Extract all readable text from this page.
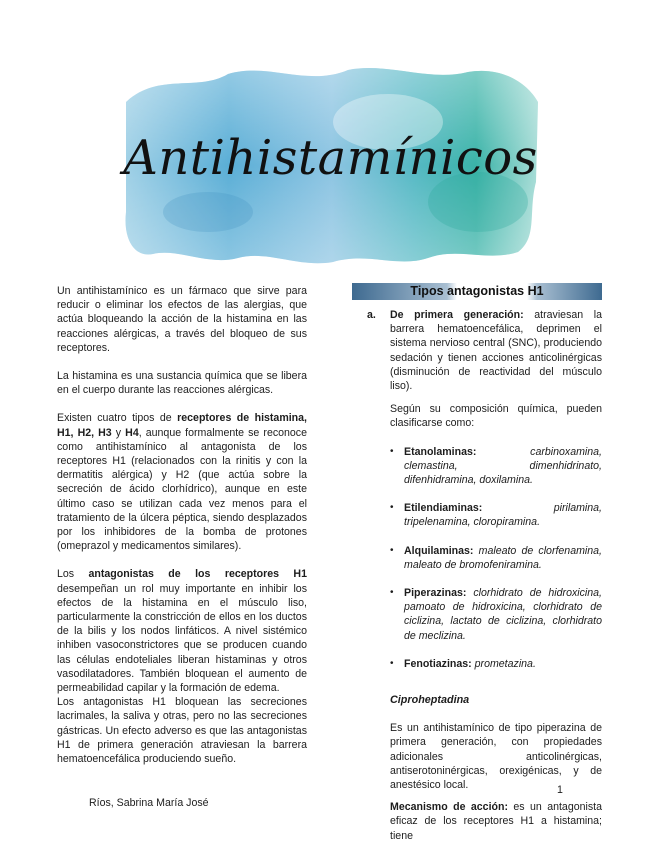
Antihistamínicos

Un antihistamínico es un fármaco que sirve para reducir o eliminar los efectos de las alergias, que actúa bloqueando la acción de la histamina en las reacciones alérgicas, a través del bloqueo de sus receptores.

La histamina es una sustancia química que se libera en el cuerpo durante las reacciones alérgicas.

Existen cuatro tipos de receptores de histamina, H1, H2, H3 y H4, aunque formalmente se reconoce como antihistamínico al antagonista de los receptores H1 (relacionados con la rinitis y con la dermatitis alérgica) y H2 (que actúa sobre la secreción de ácido clorhídrico), aunque en este último caso se utilizan cada vez menos para el tratamiento de la úlcera péptica, siendo desplazados por los inhibidores de la bomba de protones (omeprazol y medicamentos similares).

Los antagonistas de los receptores H1 desempeñan un rol muy importante en inhibir los efectos de la histamina en el músculo liso, particularmente la constricción de ellos en los ductos de la bilis y los nodos linfáticos. A nivel sistémico inhiben vasoconstrictores que se producen cuando las células endoteliales liberan histaminas y otros vasodilatadores. También bloquean el aumento de permeabilidad capilar y la formación de edema.

Los antagonistas H1 bloquean las secreciones lacrimales, la saliva y otras, pero no las secreciones gástricas. Un efecto adverso es que las antagonistas H1 de primera generación atraviesan la barrera hematoencefálica produciendo sueño.

Tipos antagonistas H1
a.	De primera generación: atraviesan la barrera hematoencefálica, deprimen el sistema nervioso central (SNC), produciendo sedación y tienen acciones anticolinérgicas (disminución de reactividad del músculo liso).
Según su composición química, pueden clasificarse como:
• Etanolaminas:	carbinoxamina, clemastina, dimenhidrinato, difenhidramina, doxilamina.
• Etilendiaminas:	pirilamina, tripelenamina, cloropiramina.
• Alquilaminas: maleato de clorfenamina, maleato de bromofeniramina.
• Piperazinas: clorhidrato de hidroxicina, pamoato de hidroxicina, clorhidrato de ciclizina, lactato de ciclizina, clorhidrato de meclizina.
• Fenotiazinas: prometazina.
Ciproheptadina
Es un antihistamínico de tipo piperazina de primera generación, con propiedades adicionales anticolinérgicas, antiserotoninérgicas, orexigénicas, y de anestésico local.
Mecanismo de acción: es un antagonista eficaz de los receptores H1 a histamina; tiene
1
Ríos, Sabrina María José
